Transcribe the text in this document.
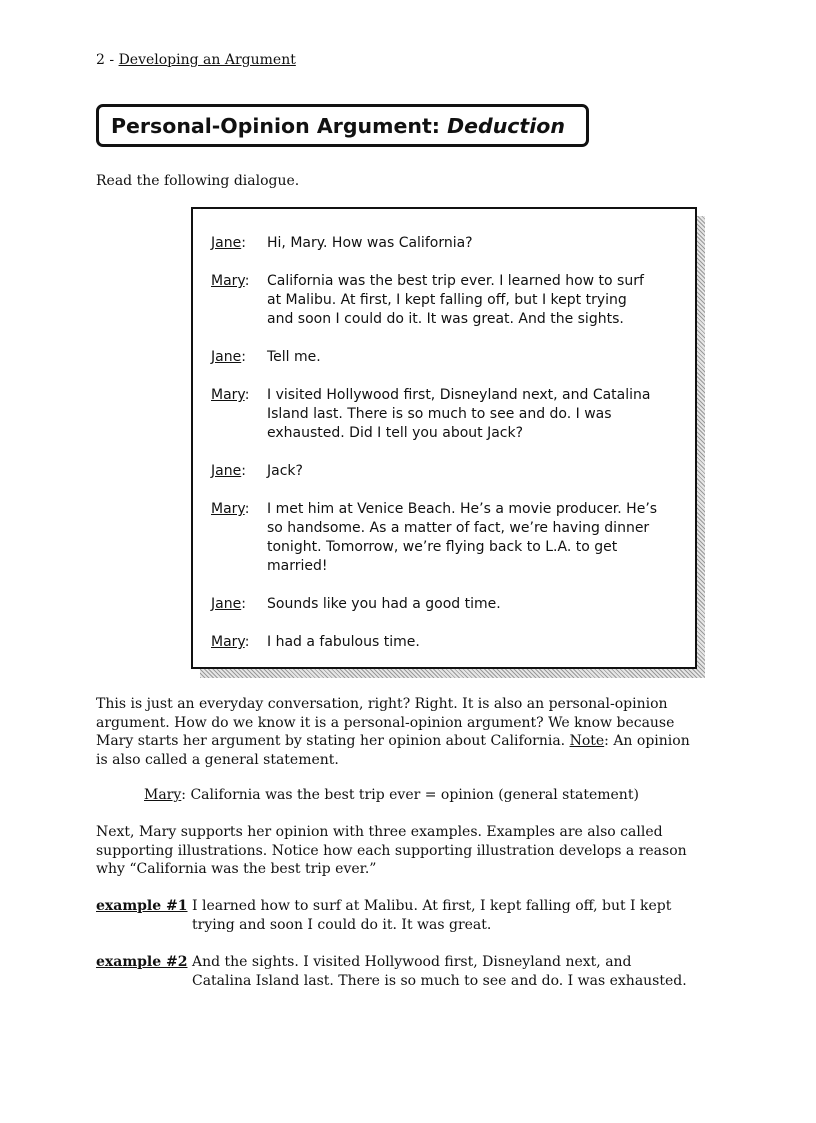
2 - Developing an Argument
Personal-Opinion Argument: Deduction
Read the following dialogue.
Jane: Hi, Mary. How was California?
Mary: California was the best trip ever. I learned how to surf
at Malibu. At first, I kept falling off, but I kept trying
and soon I could do it. It was great. And the sights.
Jane: Tell me.
Mary: I visited Hollywood first, Disneyland next, and Catalina
Island last. There is so much to see and do. I was
exhausted. Did I tell you about Jack?
Jane: Jack?
Mary: I met him at Venice Beach. He’s a movie producer. He’s
so handsome. As a matter of fact, we’re having dinner
tonight. Tomorrow, we’re flying back to L.A. to get
married!
Jane: Sounds like you had a good time.
Mary: I had a fabulous time.
This is just an everyday conversation, right? Right. It is also an personal-opinion
argument. How do we know it is a personal-opinion argument? We know because
Mary starts her argument by stating her opinion about California. Note: An opinion
is also called a general statement.
Mary: California was the best trip ever = opinion (general statement)
Next, Mary supports her opinion with three examples. Examples are also called
supporting illustrations. Notice how each supporting illustration develops a reason
why “California was the best trip ever.”
example #1 I learned how to surf at Malibu. At first, I kept falling off, but I kept
trying and soon I could do it. It was great.
example #2 And the sights. I visited Hollywood first, Disneyland next, and
Catalina Island last. There is so much to see and do. I was exhausted.
